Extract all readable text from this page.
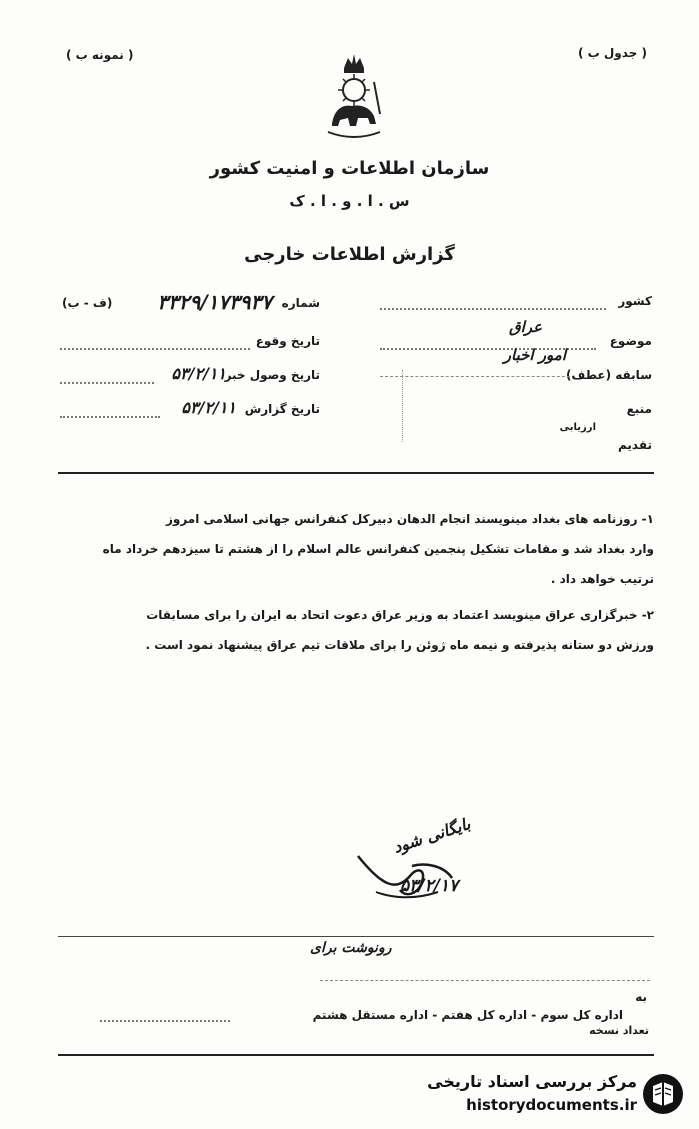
( نمونه ب )	( جدول ب )
سازمان اطلاعات و امنیت کشور
س . ا . و . ا . ک
گزارش اطلاعات خارجی
شماره
۳۳۲۹/۱۷۳۹۳۷
(ف - ب)
تاریخ وقوع
تاریخ وصول خبر
۵۳/۲/۱۱
تاریخ گزارش
۵۳/۲/۱۱
کشور
موضوع
عراق
سابقه (عطف)
امور اخبار
منبع
ارزیابی
تقدیم
۱- روزنامه های بغداد مینویسند انجام الدهان دبیرکل کنفرانس جهانی اسلامی امروز
وارد بغداد شد و مقامات تشکیل پنجمین کنفرانس عالم اسلام را از هشتم تا سیزدهم خرداد ماه
ترتیب خواهد داد .
۲- خبرگزاری عراق مینویسد اعتماد به وزیر عراق دعوت اتحاد به ایران را برای مسابقات
ورزش دو ستانه پذیرفته و نیمه ماه ژوئن را برای ملاقات تیم عراق پیشنهاد نمود است .
بایگانی شود
۵۳/۲/۱۷
رونوشت برای
به
اداره کل سوم - اداره کل هفتم - اداره مستقل هشتم
تعداد نسخه
مرکز بررسی اسناد تاریخی
historydocuments.ir
